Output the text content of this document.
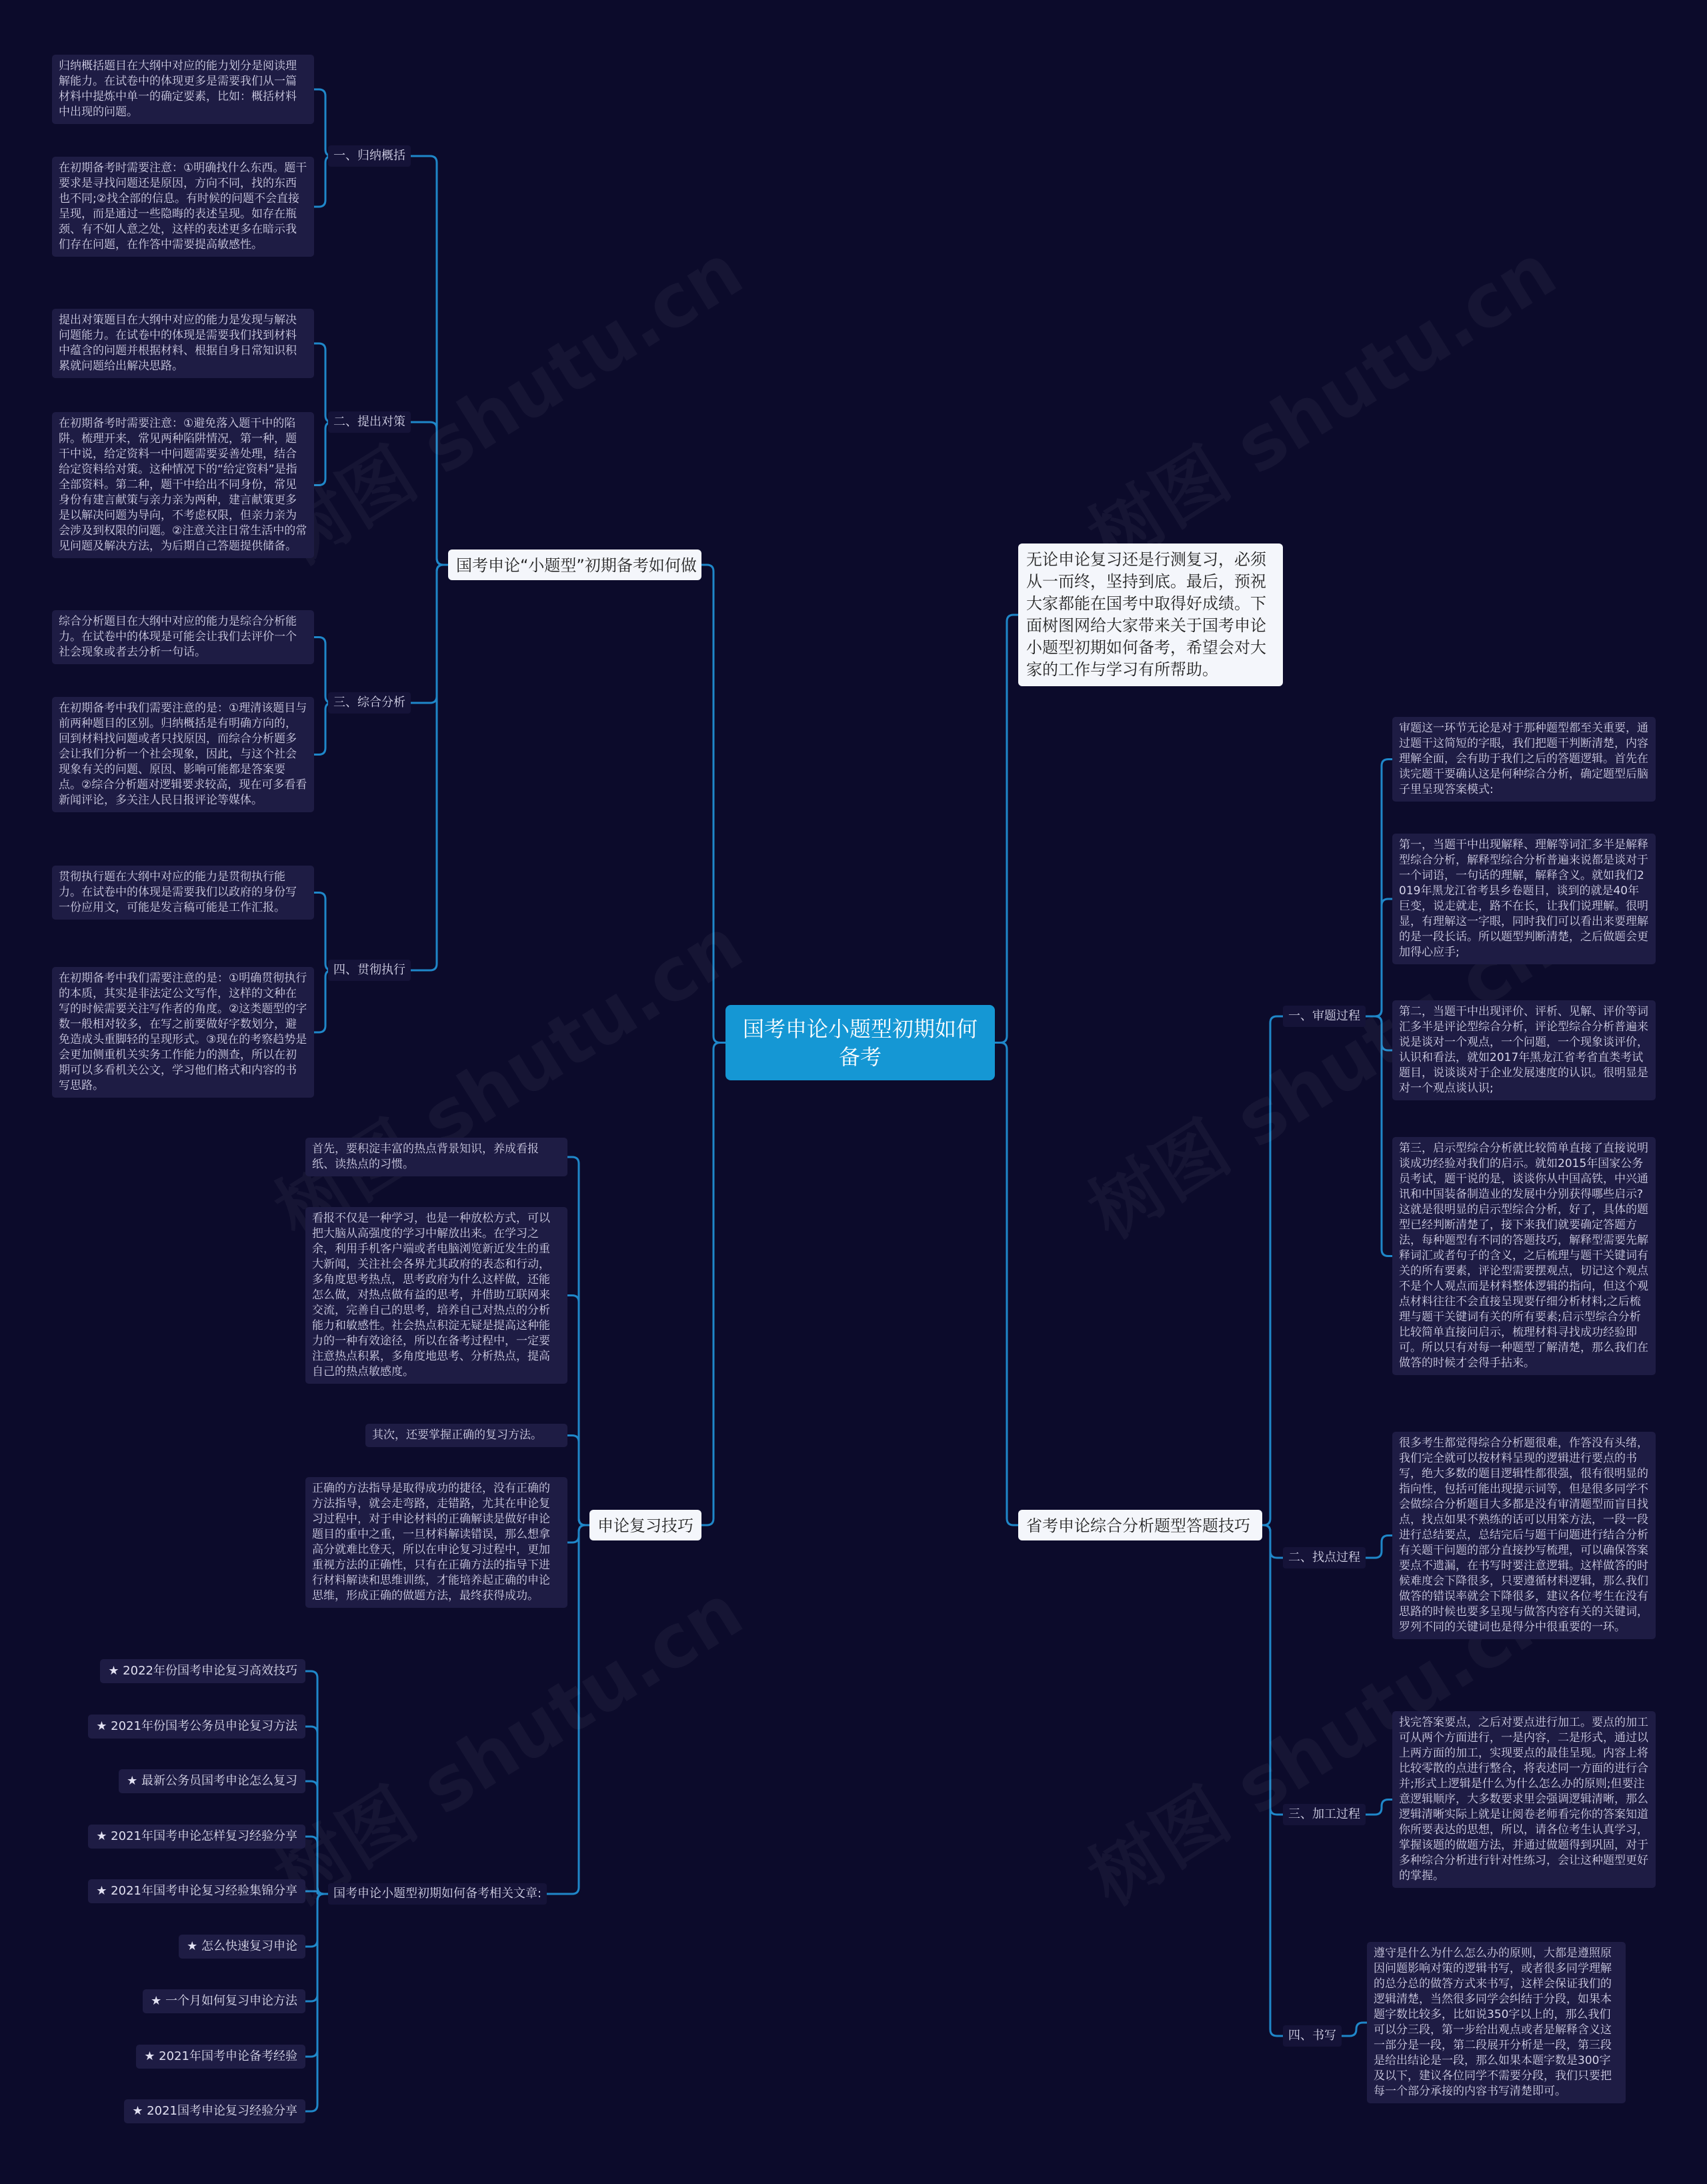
国考申论小题型初期如何备考
国考申论“小题型”初期备考如何做
一、归纳概括
归纳概括题目在大纲中对应的能力划分是阅读理解能力。在试卷中的体现更多是需要我们从一篇材料中提炼中单一的确定要素，比如：概括材料中出现的问题。
在初期备考时需要注意：①明确找什么东西。题干要求是寻找问题还是原因，方向不同，找的东西也不同;②找全部的信息。有时候的问题不会直接呈现，而是通过一些隐晦的表述呈现。如存在瓶颈、有不如人意之处，这样的表述更多在暗示我们存在问题，在作答中需要提高敏感性。
二、提出对策
提出对策题目在大纲中对应的能力是发现与解决问题能力。在试卷中的体现是需要我们找到材料中蕴含的问题并根据材料、根据自身日常知识积累就问题给出解决思路。
在初期备考时需要注意：①避免落入题干中的陷阱。梳理开来，常见两种陷阱情况，第一种，题干中说，给定资料一中问题需要妥善处理，结合给定资料给对策。这种情况下的“给定资料”是指全部资料。第二种，题干中给出不同身份，常见身份有建言献策与亲力亲为两种，建言献策更多是以解决问题为导向，不考虑权限，但亲力亲为会涉及到权限的问题。②注意关注日常生活中的常见问题及解决方法，为后期自己答题提供储备。
三、综合分析
综合分析题目在大纲中对应的能力是综合分析能力。在试卷中的体现是可能会让我们去评价一个社会现象或者去分析一句话。
在初期备考中我们需要注意的是：①理清该题目与前两种题目的区别。归纳概括是有明确方向的，回到材料找问题或者只找原因，而综合分析题多会让我们分析一个社会现象，因此，与这个社会现象有关的问题、原因、影响可能都是答案要点。②综合分析题对逻辑要求较高，现在可多看看新闻评论，多关注人民日报评论等媒体。
四、贯彻执行
贯彻执行题在大纲中对应的能力是贯彻执行能力。在试卷中的体现是需要我们以政府的身份写一份应用文，可能是发言稿可能是工作汇报。
在初期备考中我们需要注意的是：①明确贯彻执行的本质，其实是非法定公文写作，这样的文种在写的时候需要关注写作者的角度。②这类题型的字数一般相对较多，在写之前要做好字数划分，避免造成头重脚轻的呈现形式。③现在的考察趋势是会更加侧重机关实务工作能力的测查，所以在初期可以多看机关公文，学习他们格式和内容的书写思路。
申论复习技巧
首先，要积淀丰富的热点背景知识，养成看报纸、读热点的习惯。
看报不仅是一种学习，也是一种放松方式，可以把大脑从高强度的学习中解放出来。在学习之余，利用手机客户端或者电脑浏览新近发生的重大新闻，关注社会各界尤其政府的表态和行动，多角度思考热点，思考政府为什么这样做，还能怎么做，对热点做有益的思考，并借助互联网来交流，完善自己的思考，培养自己对热点的分析能力和敏感性。社会热点积淀无疑是提高这种能力的一种有效途径，所以在备考过程中，一定要注意热点积累，多角度地思考、分析热点，提高自己的热点敏感度。
其次，还要掌握正确的复习方法。
正确的方法指导是取得成功的捷径，没有正确的方法指导，就会走弯路，走错路，尤其在申论复习过程中，对于申论材料的正确解读是做好申论题目的重中之重，一旦材料解读错误，那么想拿高分就难比登天，所以在申论复习过程中，更加重视方法的正确性，只有在正确方法的指导下进行材料解读和思维训练，才能培养起正确的申论思维，形成正确的做题方法，最终获得成功。
国考申论小题型初期如何备考相关文章:
★ 2022年份国考申论复习高效技巧
★ 2021年份国考公务员申论复习方法
★ 最新公务员国考申论怎么复习
★ 2021年国考申论怎样复习经验分享
★ 2021年国考申论复习经验集锦分享
★ 怎么快速复习申论
★ 一个月如何复习申论方法
★ 2021年国考申论备考经验
★ 2021国考申论复习经验分享
无论申论复习还是行测复习，必须从一而终，坚持到底。最后，预祝大家都能在国考中取得好成绩。下面树图网给大家带来关于国考申论小题型初期如何备考，希望会对大家的工作与学习有所帮助。
省考申论综合分析题型答题技巧
一、审题过程
审题这一环节无论是对于那种题型都至关重要，通过题干这简短的字眼，我们把题干判断清楚，内容理解全面，会有助于我们之后的答题逻辑。首先在读完题干要确认这是何种综合分析，确定题型后脑子里呈现答案模式:
第一，当题干中出现解释、理解等词汇多半是解释型综合分析，解释型综合分析普遍来说都是谈对于一个词语，一句话的理解，解释含义。就如我们2019年黑龙江省考县乡卷题目，谈到的就是40年巨变，说走就走，路不在长，让我们说理解。很明显，有理解这一字眼，同时我们可以看出来要理解的是一段长话。所以题型判断清楚，之后做题会更加得心应手;
第二，当题干中出现评价、评析、见解、评价等词汇多半是评论型综合分析，评论型综合分析普遍来说是谈对一个观点，一个问题，一个现象谈评价，认识和看法，就如2017年黑龙江省考省直类考试题目，说谈谈对于企业发展速度的认识。很明显是对一个观点谈认识;
第三，启示型综合分析就比较简单直接了直接说明谈成功经验对我们的启示。就如2015年国家公务员考试，题干说的是，谈谈你从中国高铁，中兴通讯和中国装备制造业的发展中分别获得哪些启示?这就是很明显的启示型综合分析，好了，具体的题型已经判断清楚了，接下来我们就要确定答题方法，每种题型有不同的答题技巧，解释型需要先解释词汇或者句子的含义，之后梳理与题干关键词有关的所有要素，评论型需要摆观点，切记这个观点不是个人观点而是材料整体逻辑的指向，但这个观点材料往往不会直接呈现要仔细分析材料;之后梳理与题干关键词有关的所有要素;启示型综合分析比较简单直接问启示，梳理材料寻找成功经验即可。所以只有对每一种题型了解清楚，那么我们在做答的时候才会得手拈来。
二、找点过程
很多考生都觉得综合分析题很难，作答没有头绪，我们完全就可以按材料呈现的逻辑进行要点的书写，绝大多数的题目逻辑性都很强，很有很明显的指向性，包括可能出现提示词等，但是很多同学不会做综合分析题目大多都是没有审清题型而盲目找点，找点如果不熟练的话可以用笨方法，一段一段进行总结要点，总结完后与题干问题进行结合分析有关题干问题的部分直接抄写梳理，可以确保答案要点不遗漏，在书写时要注意逻辑。这样做答的时候难度会下降很多，只要遵循材料逻辑，那么我们做答的错误率就会下降很多，建议各位考生在没有思路的时候也要多呈现与做答内容有关的关键词，罗列不同的关键词也是得分中很重要的一环。
三、加工过程
找完答案要点，之后对要点进行加工。要点的加工可从两个方面进行，一是内容，二是形式，通过以上两方面的加工，实现要点的最佳呈现。内容上将比较零散的点进行整合，将表述同一方面的进行合并;形式上逻辑是什么为什么怎么办的原则;但要注意逻辑顺序，大多数要求里会强调逻辑清晰，那么逻辑清晰实际上就是让阅卷老师看完你的答案知道你所要表达的思想，所以，请各位考生认真学习，掌握该题的做题方法，并通过做题得到巩固，对于多种综合分析进行针对性练习，会让这种题型更好的掌握。
四、书写
遵守是什么为什么怎么办的原则，大都是遵照原因问题影响对策的逻辑书写，或者很多同学理解的总分总的做答方式来书写，这样会保证我们的逻辑清楚，当然很多同学会纠结于分段，如果本题字数比较多，比如说350字以上的，那么我们可以分三段，第一步给出观点或者是解释含义这一部分是一段，第二段展开分析是一段，第三段是给出结论是一段，那么如果本题字数是300字及以下，建议各位同学不需要分段，我们只要把每一个部分承接的内容书写清楚即可。
